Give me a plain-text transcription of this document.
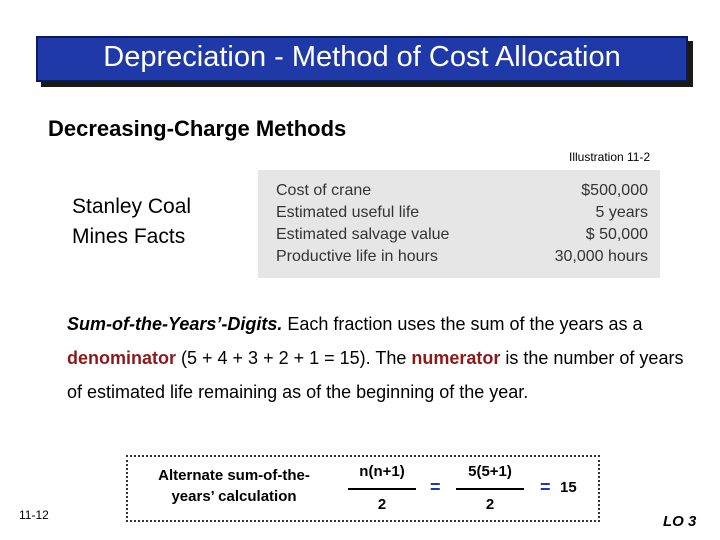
Depreciation - Method of Cost Allocation
Decreasing-Charge Methods
Illustration 11-2
Stanley Coal
Mines Facts
Cost of crane	$500,000
Estimated useful life	5 years
Estimated salvage value	$ 50,000
Productive life in hours	30,000 hours
Sum-of-the-Years’-Digits. Each fraction uses the sum of the years as a denominator (5 + 4 + 3 + 2 + 1 = 15). The numerator is the number of years of estimated life remaining as of the beginning of the year.
Alternate sum-of-the-
years’ calculation
n(n+1)
2
=
5(5+1)
2
= 15
11-12	LO 3
